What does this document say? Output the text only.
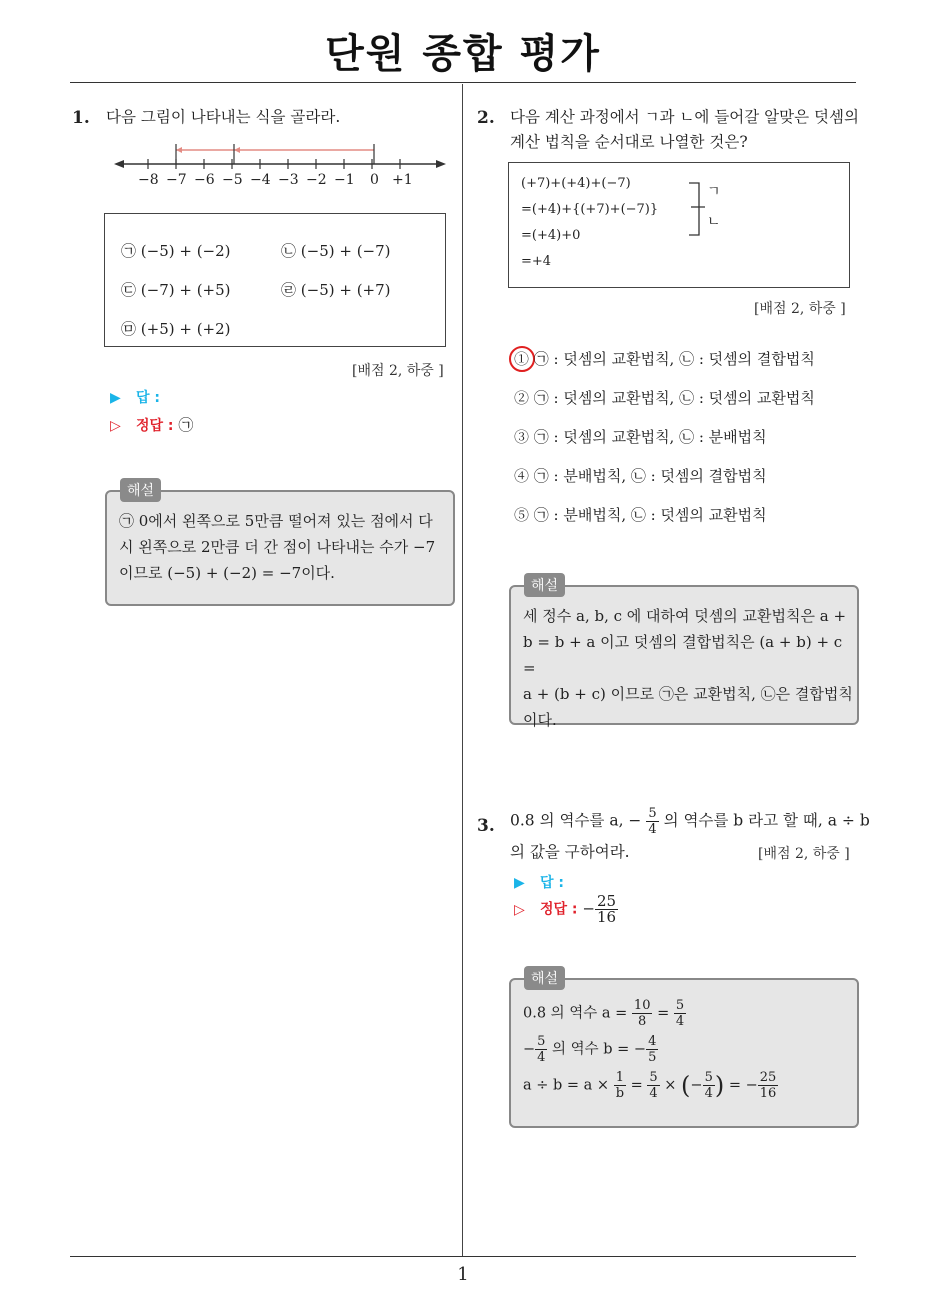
단원 종합 평가
1
1. 다음 그림이 나타내는 식을 골라라.
−8 −7 −6 −5 −4 −3 −2 −1 0 +1
㉠ (−5) + (−2)	㉡ (−5) + (−7)
㉢ (−7) + (+5)	㉣ (−5) + (+7)
㉤ (+5) + (+2)
[배점 2, 하중 ]
▶ 답 :
▷ 정답 : ㉠
㉠ 0에서 왼쪽으로 5만큼 떨어져 있는 점에서 다
시 왼쪽으로 2만큼 더 간 점이 나타내는 수가 −7
이므로 (−5) + (−2) = −7이다.
해설
2. 다음 계산 과정에서 ㄱ과 ㄴ에 들어갈 알맞은 덧셈의
계산 법칙을 순서대로 나열한 것은?
(+7)+(+4)+(−7)
=(+4)+{(+7)+(−7)}
=(+4)+0
=+4
ㄱ
ㄴ
[배점 2, 하중 ]
① ㉠ : 덧셈의 교환법칙, ㉡ : 덧셈의 결합법칙
② ㉠ : 덧셈의 교환법칙, ㉡ : 덧셈의 교환법칙
③ ㉠ : 덧셈의 교환법칙, ㉡ : 분배법칙
④ ㉠ : 분배법칙, ㉡ : 덧셈의 결합법칙
⑤ ㉠ : 분배법칙, ㉡ : 덧셈의 교환법칙
세 정수 a, b, c 에 대하여 덧셈의 교환법칙은 a +
b = b + a 이고 덧셈의 결합법칙은 (a + b) + c =
a + (b + c) 이므로 ㉠은 교환법칙, ㉡은 결합법칙
이다.
해설
3. 0.8 의 역수를 a, − $\frac{5}{4}$ 의 역수를 b 라고 할 때, a ÷ b
의 값을 구하여라.	[배점 2, 하중 ]
▶ 답 :
▷ 정답 : − $\frac{25}{16}$
0.8 의 역수 $a = \frac{10}{8} = \frac{5}{4}$
− $\frac{5}{4}$ 의 역수 b = − $\frac{4}{5}$
$a \div b = a \times \frac{1}{b} = \frac{5}{4}$ × (− $\frac{5}{4}$ ) = − $\frac{25}{16}$
해설
